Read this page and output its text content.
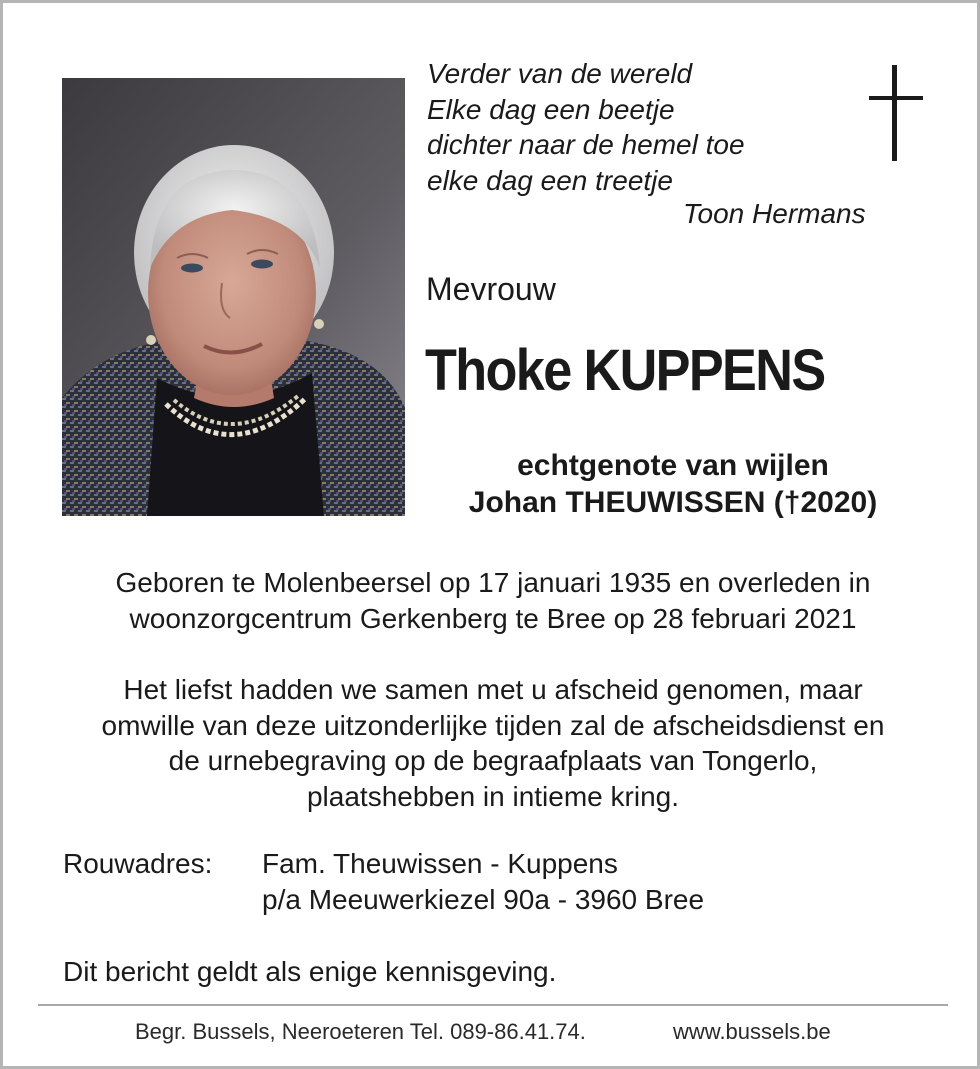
Verder van de wereld
Elke dag een beetje
dichter naar de hemel toe
elke dag een treetje
Toon Hermans
Mevrouw
Thoke KUPPENS
echtgenote van wijlen
Johan THEUWISSEN (†2020)
Geboren te Molenbeersel op 17 januari 1935 en overleden in
woonzorgcentrum Gerkenberg te Bree op 28 februari 2021
Het liefst hadden we samen met u afscheid genomen, maar
omwille van deze uitzonderlijke tijden zal de afscheidsdienst en
de urnebegraving op de begraafplaats van Tongerlo,
plaatshebben in intieme kring.
Rouwadres: Fam. Theuwissen - Kuppens
p/a Meeuwerkiezel 90a - 3960 Bree
Dit bericht geldt als enige kennisgeving.
Begr. Bussels, Neeroeteren Tel. 089-86.41.74.	www.bussels.be
